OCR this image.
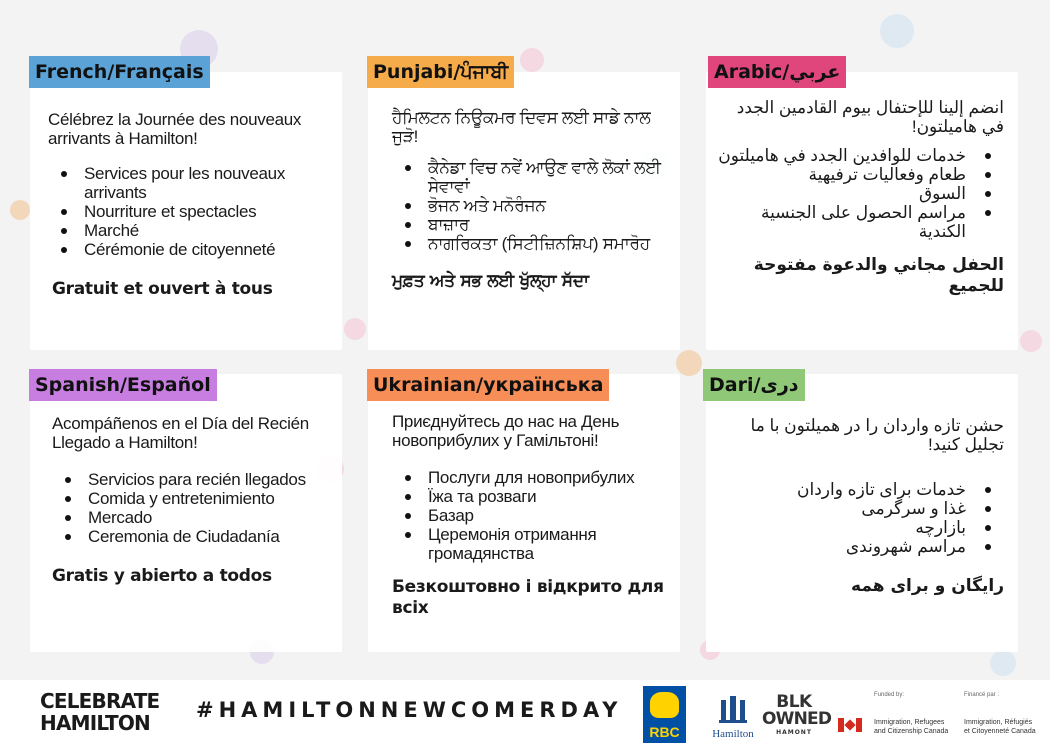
Célébrez la Journée des nouveaux arrivants à Hamilton!
Services pour les nouveaux arrivants
Nourriture et spectacles
Marché
Cérémonie de citoyenneté
Gratuit et ouvert à tous
French/Français
ਹੈਮਿਲਟਨ ਨਿਊਕਮਰ ਦਿਵਸ ਲਈ ਸਾਡੇ ਨਾਲ ਜੁੜੋ!
ਕੈਨੇਡਾ ਵਿਚ ਨਵੇਂ ਆਉਣ ਵਾਲੇ ਲੋਕਾਂ ਲਈ ਸੇਵਾਵਾਂ
ਭੋਜਨ ਅਤੇ ਮਨੋਰੰਜਨ
ਬਾਜ਼ਾਰ
ਨਾਗਰਿਕਤਾ (ਸਿਟੀਜ਼ਿਨਸ਼ਿਪ) ਸਮਾਰੋਹ
ਮੁਫ਼ਤ ਅਤੇ ਸਭ ਲਈ ਖੁੱਲ੍ਹਾ ਸੱਦਾ
Punjabi/ਪੰਜਾਬੀ
انضم إلينا للإحتفال بيوم القادمين الجدد في هاميلتون!
خدمات للوافدين الجدد في هاميلتون
طعام وفعاليات ترفيهية
السوق
مراسم الحصول على الجنسية الكندية
الحفل مجاني والدعوة مفتوحة للجميع
Arabic/عربي
Acompáñenos en el Día del Recién Llegado a Hamilton!
Servicios para recién llegados
Comida y entretenimiento
Mercado
Ceremonia de Ciudadanía
Gratis y abierto a todos
Spanish/Español
Приєднуйтесь до нас на День новоприбулих у Гамільтоні!
Послуги для новоприбулих
Їжа та розваги
Базар
Церемонія отримання громадянства
Безкоштовно і відкрито для всіх
Ukrainian/українська
حشن تازه واردان را در همیلتون با ما تجلیل کنید!
خدمات برای تازه واردان
غذا و سرگرمی
بازارچه
مراسم شهروندی
رایگان و برای همه
Dari/دری
CELEBRATE
HAMILTON
#HAMILTONNEWCOMERDAY
RBC	Hamilton
BLK
OWNED
HAMONT
Funded by:
Immigration, Refugees
and Citizenship Canada
Financé par :
Immigration, Réfugiés
et Citoyenneté Canada
